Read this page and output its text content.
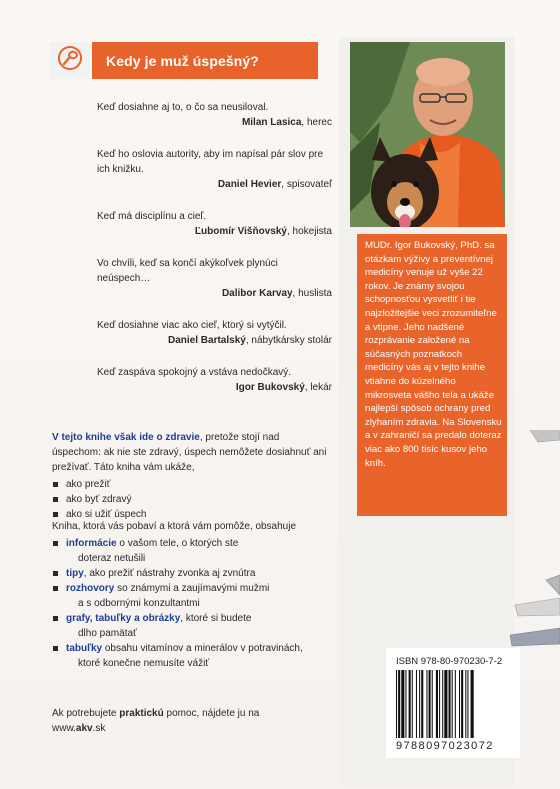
Kedy je muž úspešný?
Keď dosiahne aj to, o čo sa neusiloval.
Milan Lasica, herec
Keď ho oslovia autority, aby im napísal pár slov pre ich knižku.
Daniel Hevier, spisovateľ
Keď má disciplínu a cieľ.
Ľubomír Višňovský, hokejista
Vo chvíli, keď sa končí akýkoľvek plynúci neúspech…
Dalibor Karvay, huslista
Keď dosiahne viac ako cieľ, ktorý si vytýčil.
Daniel Bartalský, nábytkársky stolár
Keď zaspáva spokojný a vstáva nedočkavý.
Igor Bukovský, lekár
V tejto knihe však ide o zdravie, pretože stojí nad úspechom: ak nie ste zdravý, úspech nemôžete dosiahnuť ani prežívať. Táto kniha vám ukáže,
ako prežiť
ako byť zdravý
ako si užiť úspech
Kniha, ktorá vás pobaví a ktorá vám pomôže, obsahuje
informácie o vašom tele, o ktorých ste
doteraz netušili
tipy, ako prežiť nástrahy zvonka aj zvnútra
rozhovory so známymi a zaujímavými mužmi
a s odbornými konzultantmi
grafy, tabuľky a obrázky, ktoré si budete
dlho pamätať
tabuľky obsahu vitamínov a minerálov v potravinách,
ktoré konečne nemusíte vážiť
Ak potrebujete praktickú pomoc, nájdete ju na
www.akv.sk

MUDr. Igor Bukovský, PhD. sa otázkam výživy a preventívnej medicíny venuje už vyše 22 rokov. Je známy svojou schopnosťou vysvetliť i tie najzložitejšie veci zrozumiteľne a vtipne. Jeho nadšené rozprávanie založené na súčasných poznatkoch medicíny vás aj v tejto knihe vtiahne do kúzelného mikrosveta vášho tela a ukáže najlepší spôsob ochrany pred zlyhaním zdravia. Na Slovensku a v zahraničí sa predalo doteraz viac ako 800 tisíc kusov jeho kníh.

ISBN 978-80-970230-7-2
9788097023072
